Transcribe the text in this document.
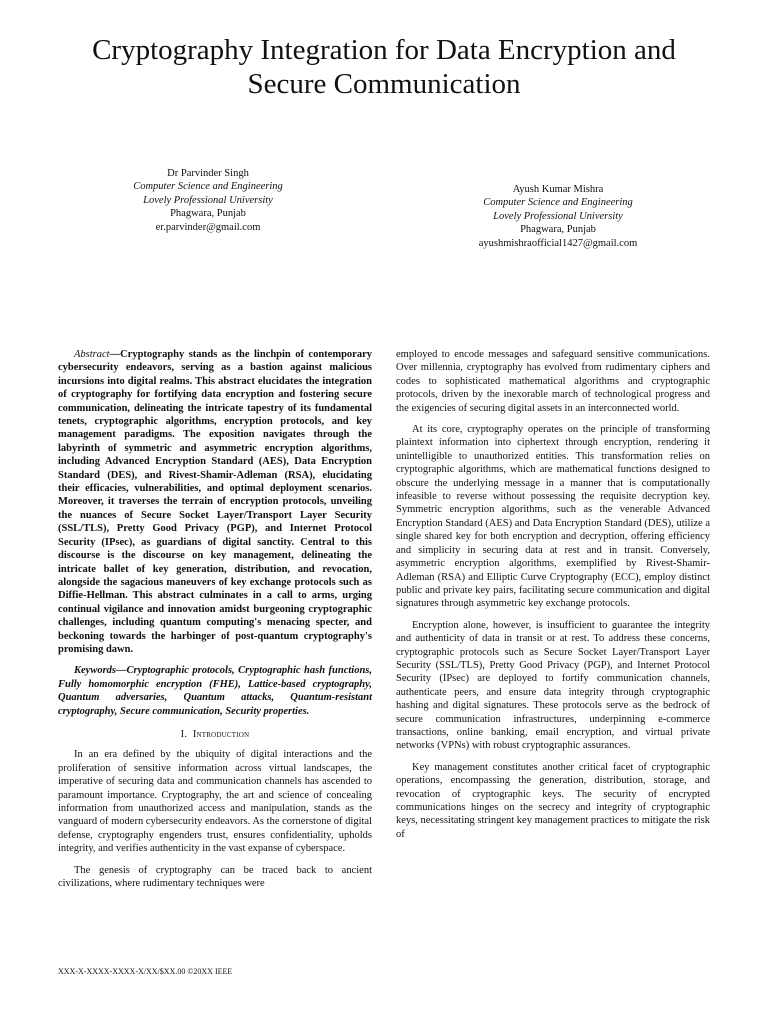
Cryptography Integration for Data Encryption and Secure Communication
Dr Parvinder Singh
Computer Science and Engineering
Lovely Professional University
Phagwara, Punjab
er.parvinder@gmail.com
Ayush Kumar Mishra
Computer Science and Engineering
Lovely Professional University
Phagwara, Punjab
ayushmishraofficial1427@gmail.com

Abstract—Cryptography stands as the linchpin of contemporary cybersecurity endeavors, serving as a bastion against malicious incursions into digital realms. This abstract elucidates the integration of cryptography for fortifying data encryption and fostering secure communication, delineating the intricate tapestry of its fundamental tenets, cryptographic algorithms, encryption protocols, and key management paradigms. The exposition navigates through the labyrinth of symmetric and asymmetric encryption algorithms, including Advanced Encryption Standard (AES), Data Encryption Standard (DES), and Rivest-Shamir-Adleman (RSA), elucidating their efficacies, vulnerabilities, and optimal deployment scenarios. Moreover, it traverses the terrain of encryption protocols, unveiling the nuances of Secure Socket Layer/Transport Layer Security (SSL/TLS), Pretty Good Privacy (PGP), and Internet Protocol Security (IPsec), as guardians of digital sanctity. Central to this discourse is the discourse on key management, delineating the intricate ballet of key generation, distribution, and revocation, alongside the sagacious maneuvers of key exchange protocols such as Diffie-Hellman. This abstract culminates in a call to arms, urging continual vigilance and innovation amidst burgeoning cryptographic challenges, including quantum computing's menacing specter, and beckoning towards the harbinger of post-quantum cryptography's promising dawn.

Keywords—Cryptographic protocols, Cryptographic hash functions, Fully homomorphic encryption (FHE), Lattice-based cryptography, Quantum adversaries, Quantum attacks, Quantum-resistant cryptography, Secure communication, Security properties.

I. Introduction

In an era defined by the ubiquity of digital interactions and the proliferation of sensitive information across virtual landscapes, the imperative of securing data and communication channels has ascended to paramount importance. Cryptography, the art and science of concealing information from unauthorized access and manipulation, stands as the vanguard of modern cybersecurity endeavors. As the cornerstone of digital defense, cryptography engenders trust, ensures confidentiality, upholds integrity, and verifies authenticity in the vast expanse of cyberspace.

The genesis of cryptography can be traced back to ancient civilizations, where rudimentary techniques were

employed to encode messages and safeguard sensitive communications. Over millennia, cryptography has evolved from rudimentary ciphers and codes to sophisticated mathematical algorithms and cryptographic protocols, driven by the inexorable march of technological progress and the exigencies of securing digital assets in an interconnected world.

At its core, cryptography operates on the principle of transforming plaintext information into ciphertext through encryption, rendering it unintelligible to unauthorized entities. This transformation relies on cryptographic algorithms, which are mathematical functions designed to obscure the underlying message in a manner that is computationally infeasible to reverse without possessing the requisite decryption key. Symmetric encryption algorithms, such as the venerable Advanced Encryption Standard (AES) and Data Encryption Standard (DES), utilize a single shared key for both encryption and decryption, offering efficiency and simplicity in securing data at rest and in transit. Conversely, asymmetric encryption algorithms, exemplified by Rivest-Shamir-Adleman (RSA) and Elliptic Curve Cryptography (ECC), employ distinct public and private key pairs, facilitating secure communication and digital signatures through asymmetric key exchange protocols.

Encryption alone, however, is insufficient to guarantee the integrity and authenticity of data in transit or at rest. To address these concerns, cryptographic protocols such as Secure Socket Layer/Transport Layer Security (SSL/TLS), Pretty Good Privacy (PGP), and Internet Protocol Security (IPsec) are deployed to fortify communication channels, authenticate peers, and ensure data integrity through cryptographic hashing and digital signatures. These protocols serve as the bedrock of secure communication infrastructures, underpinning e-commerce transactions, online banking, email encryption, and virtual private networks (VPNs) with robust cryptographic assurances.

Key management constitutes another critical facet of cryptographic operations, encompassing the generation, distribution, storage, and revocation of cryptographic keys. The security of encrypted communications hinges on the secrecy and integrity of cryptographic keys, necessitating stringent key management practices to mitigate the risk of

XXX-X-XXXX-XXXX-X/XX/$XX.00 ©20XX IEEE
